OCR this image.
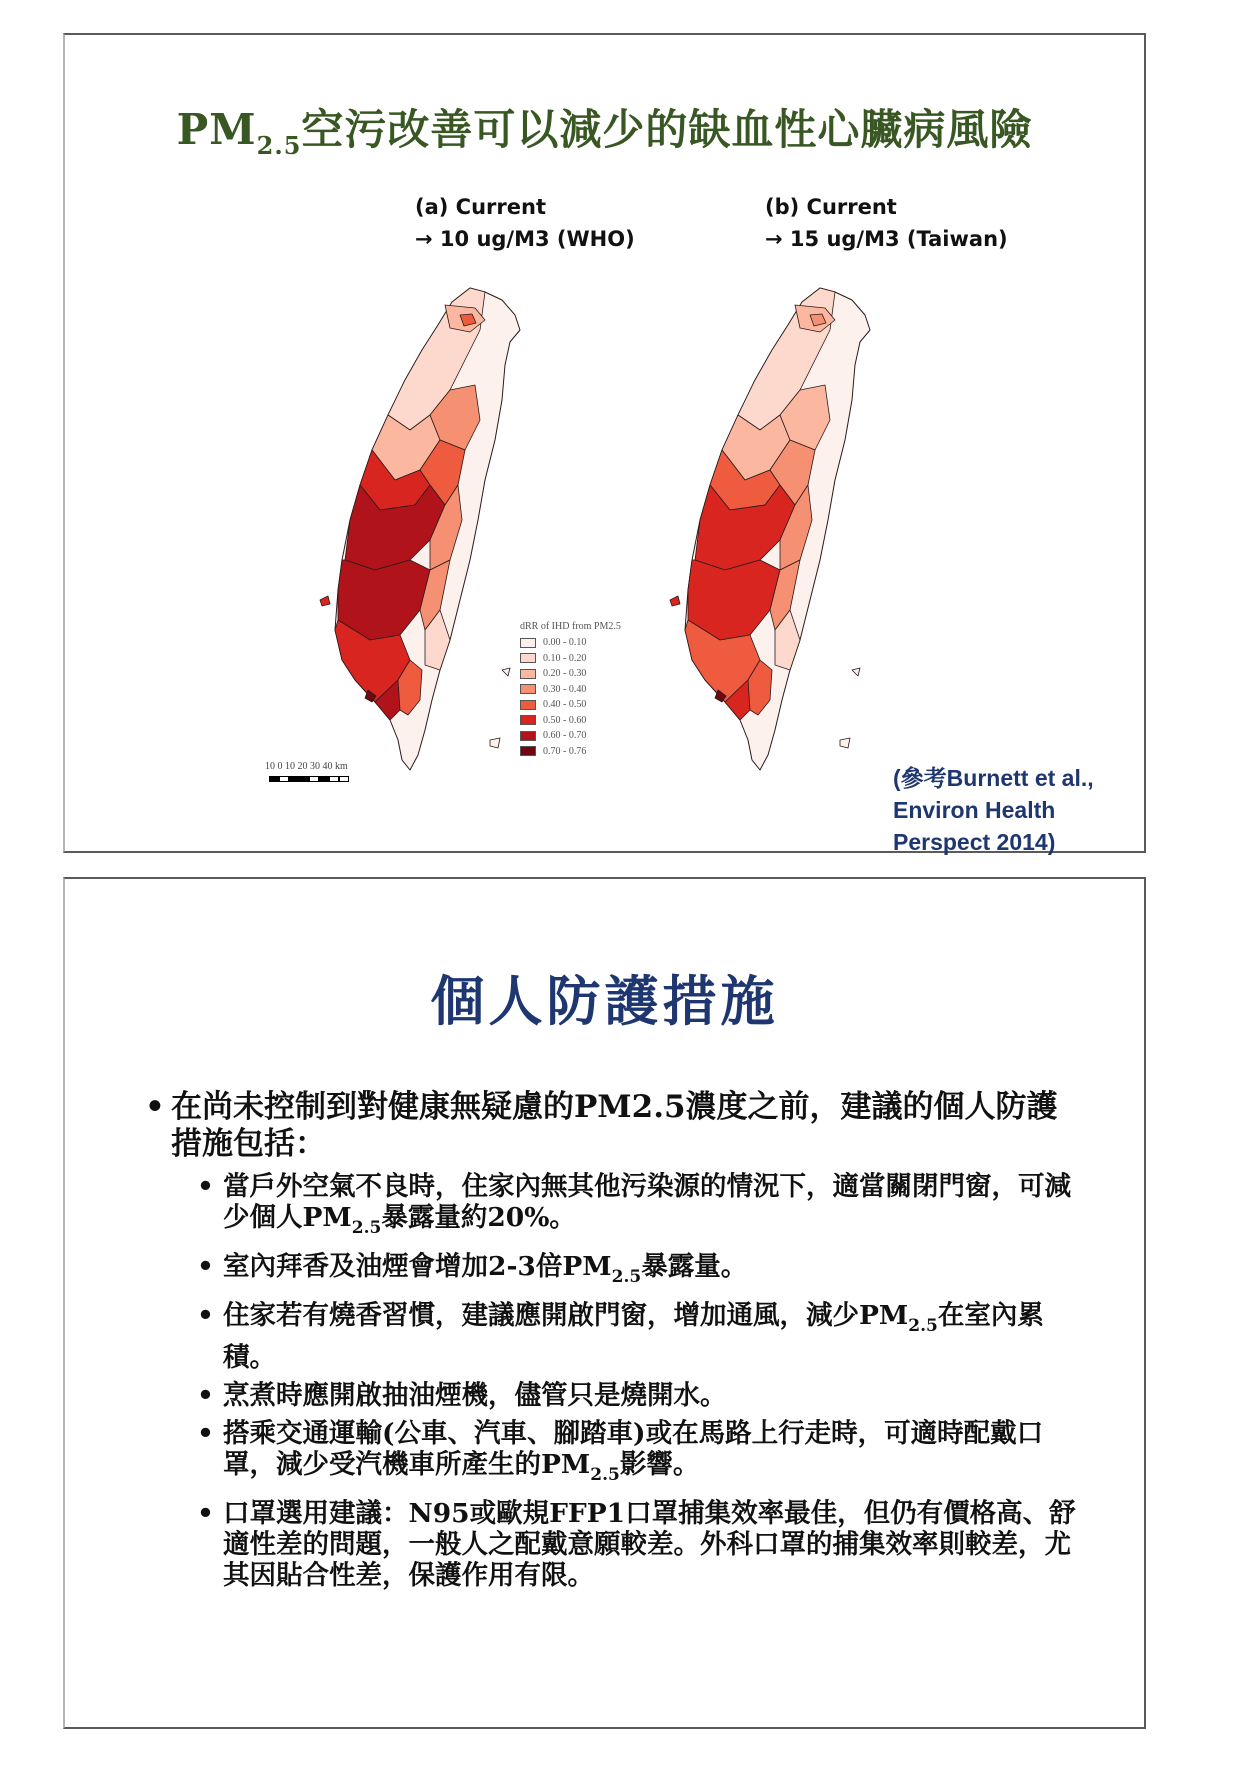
$PM_{2.5}$空污改善可以減少的缺血性心臟病風險
(a) Current
→ 10 ug/M3 (WHO)
(b) Current
→ 15 ug/M3 (Taiwan)
dRR of IHD from PM2.5
0.00 - 0.10
0.10 - 0.20
0.20 - 0.30
0.30 - 0.40
0.40 - 0.50
0.50 - 0.60
0.60 - 0.70
0.70 - 0.76
10 0 10 20 30 40 km	(參考Burnett et al.,
Environ Health
Perspect 2014)
個人防護措施
• 在尚未控制到對健康無疑慮的PM2.5濃度之前，建議的個人防護措施包括：
• 當戶外空氣不良時，住家內無其他污染源的情況下，適當關閉門窗，可減少個人$PM_{2.5}$暴露量約20%。
• 室內拜香及油煙會增加2-3倍$PM_{2.5}$暴露量。
• 住家若有燒香習慣，建議應開啟門窗，增加通風，減少$PM_{2.5}$在室內累積。
• 烹煮時應開啟抽油煙機，儘管只是燒開水。
• 搭乘交通運輸(公車、汽車、腳踏車)或在馬路上行走時，可適時配戴口罩，減少受汽機車所產生的$PM_{2.5}$影響。
• 口罩選用建議：N95或歐規FFP1口罩捕集效率最佳，但仍有價格高、舒適性差的問題，一般人之配戴意願較差。外科口罩的捕集效率則較差，尤其因貼合性差，保護作用有限。
